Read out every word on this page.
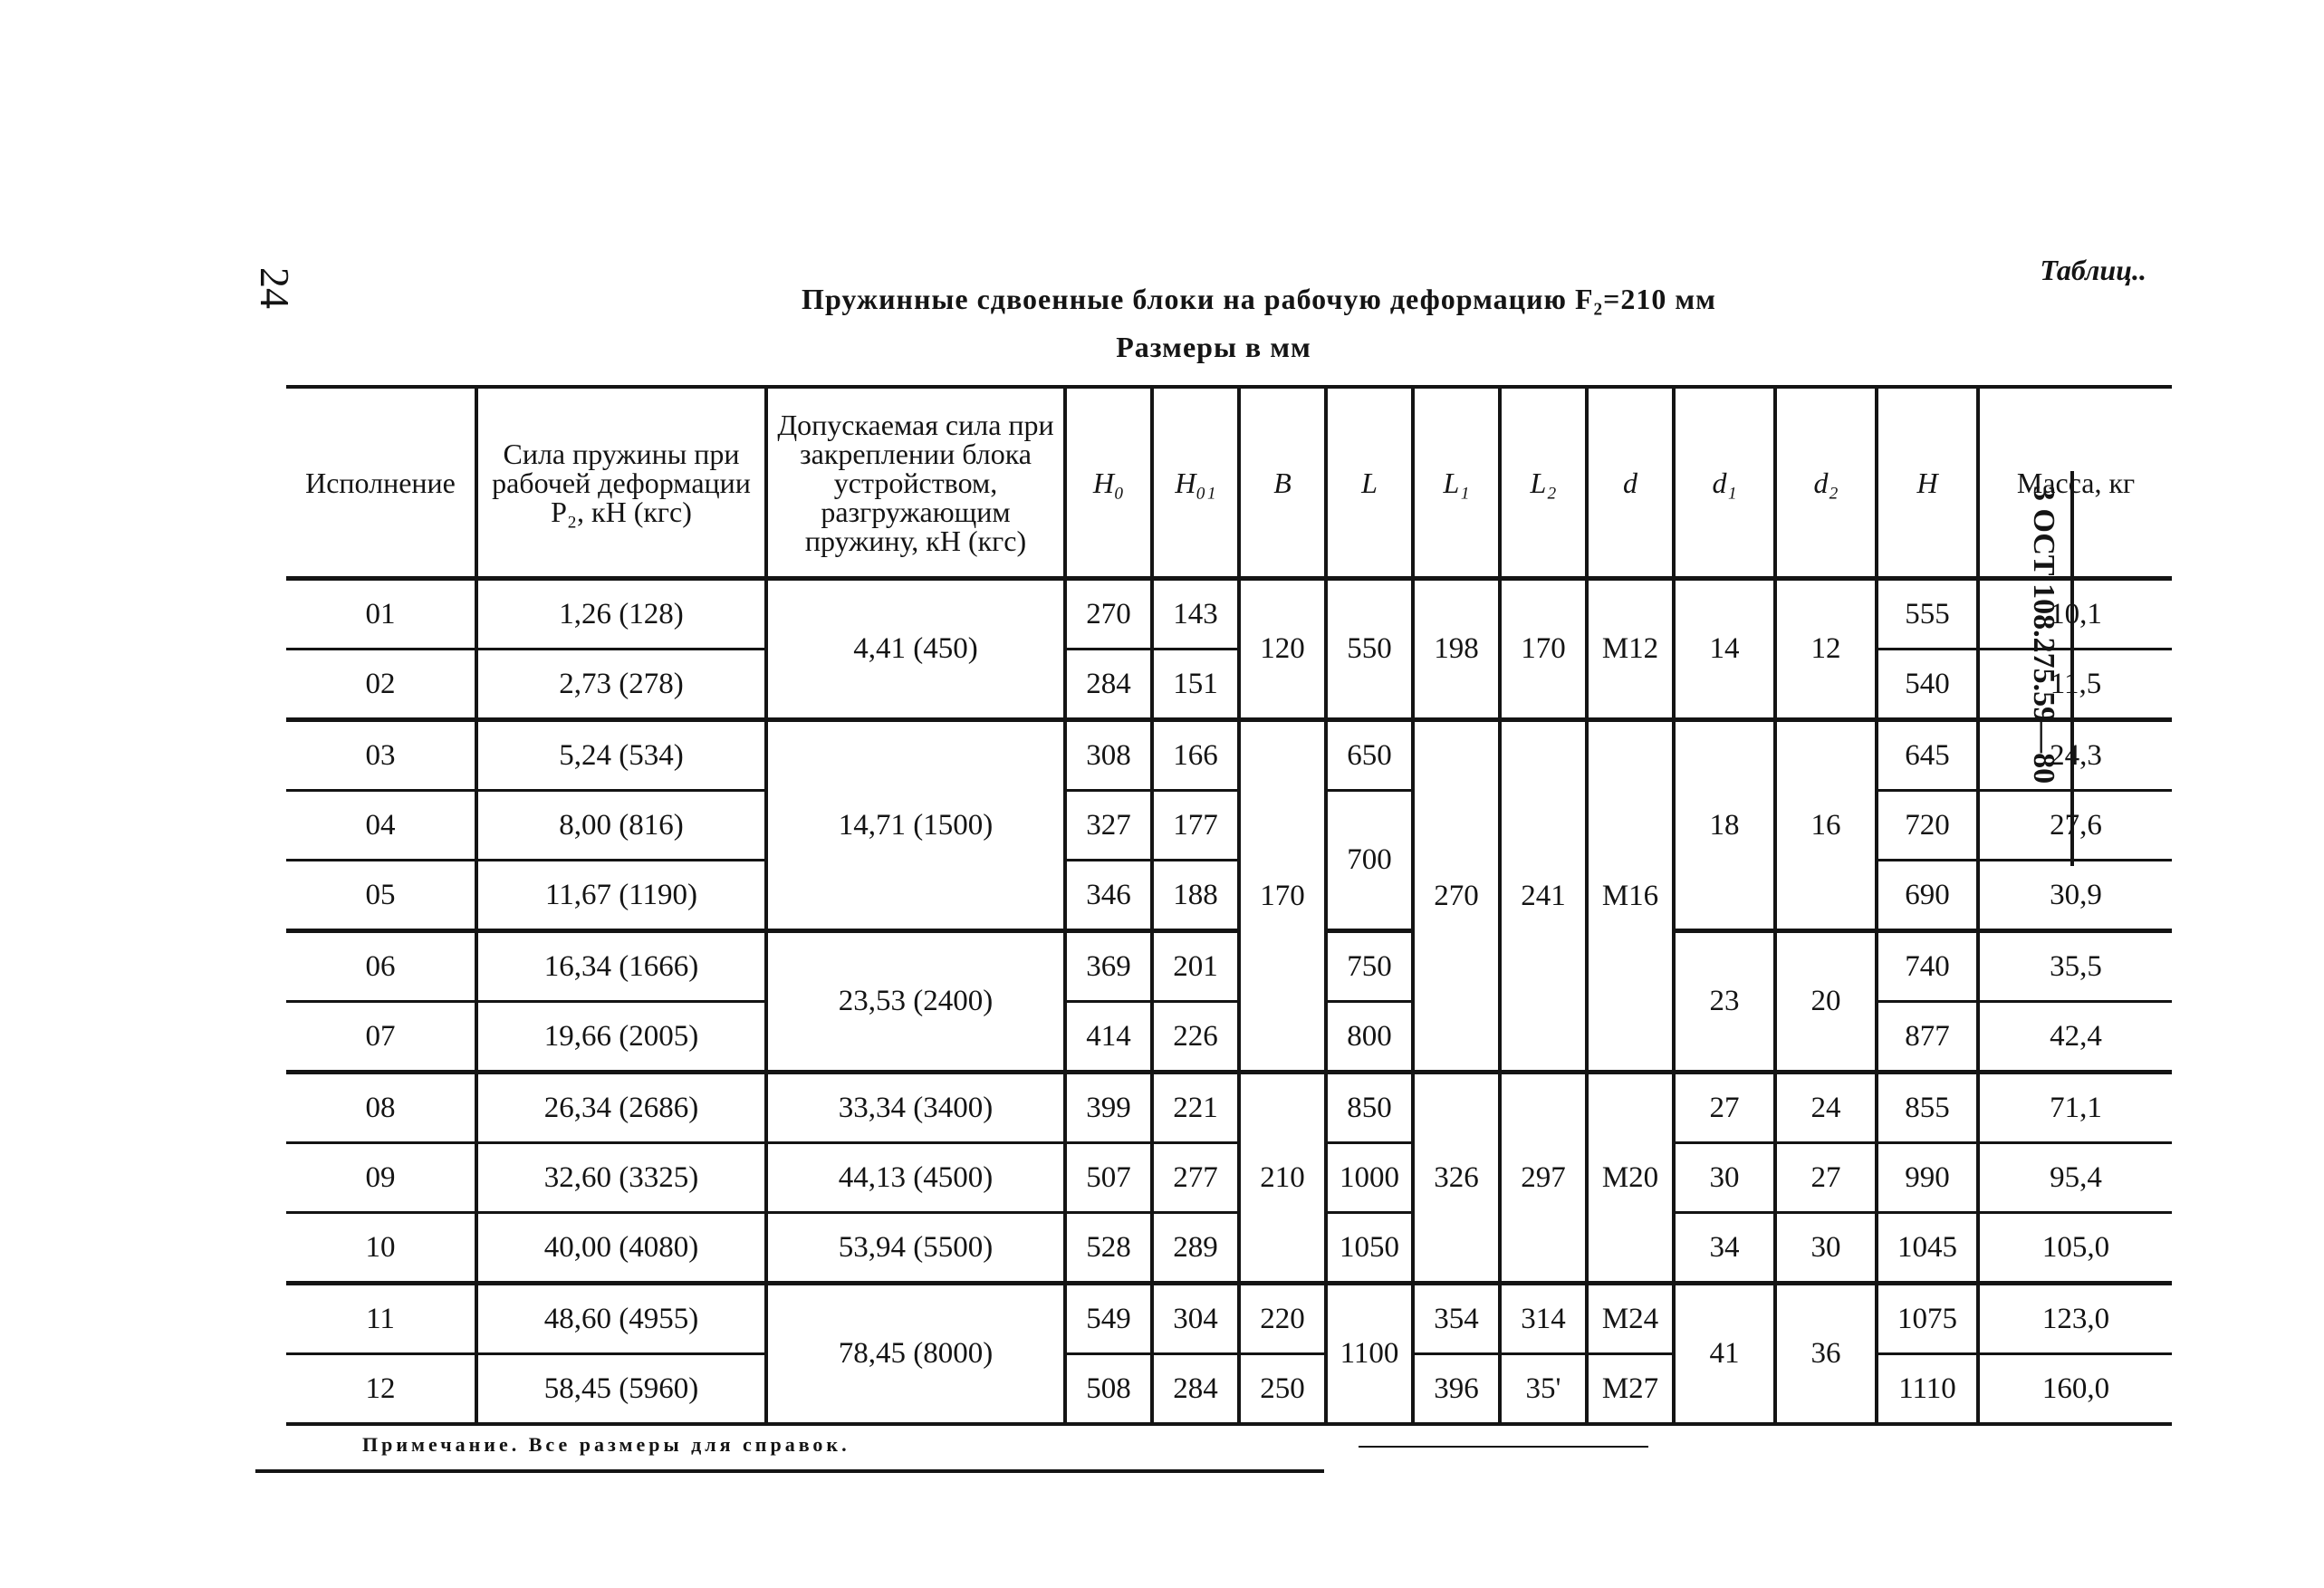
24	Таблиц..
Пружинные сдвоенные блоки на рабочую деформацию F₂=210 мм
Размеры в мм
3 ОСТ 108.275.59—80
Исполнение	Сила пружины при рабочей деформации P₂, кН (кгс)	Допускаемая сила при закреплении блока устройством, разгружающим пружину, кН (кгс)	H₀	H₀₁	B	L	L₁	L₂	d	d₁	d₂	H	Масса, кг
01	1,26 (128)	4,41 (450)	270	143	120	550	198	170	M12	14	12	555	10,1
02	2,73 (278)		284	151								540	11,5
03	5,24 (534)	14,71 (1500)	308	166	170	650	270	241	M16	18	16	645	24,3
04	8,00 (816)		327	177		700						720	27,6
05	11,67 (1190)		346	188								690	30,9
06	16,34 (1666)	23,53 (2400)	369	201		750				23	20	740	35,5
07	19,66 (2005)		414	226		800						877	42,4
08	26,34 (2686)	33,34 (3400)	399	221	210	850	326	297	M20	27	24	855	71,1
09	32,60 (3325)	44,13 (4500)	507	277		1000				30	27	990	95,4
10	40,00 (4080)	53,94 (5500)	528	289		1050				34	30	1045	105,0
11	48,60 (4955)	78,45 (8000)	549	304	220	1100	354	314	M24	41	36	1075	123,0
12	58,45 (5960)		508	284	250		396	35'	M27			1110	160,0
Примечание. Все размеры для справок.
